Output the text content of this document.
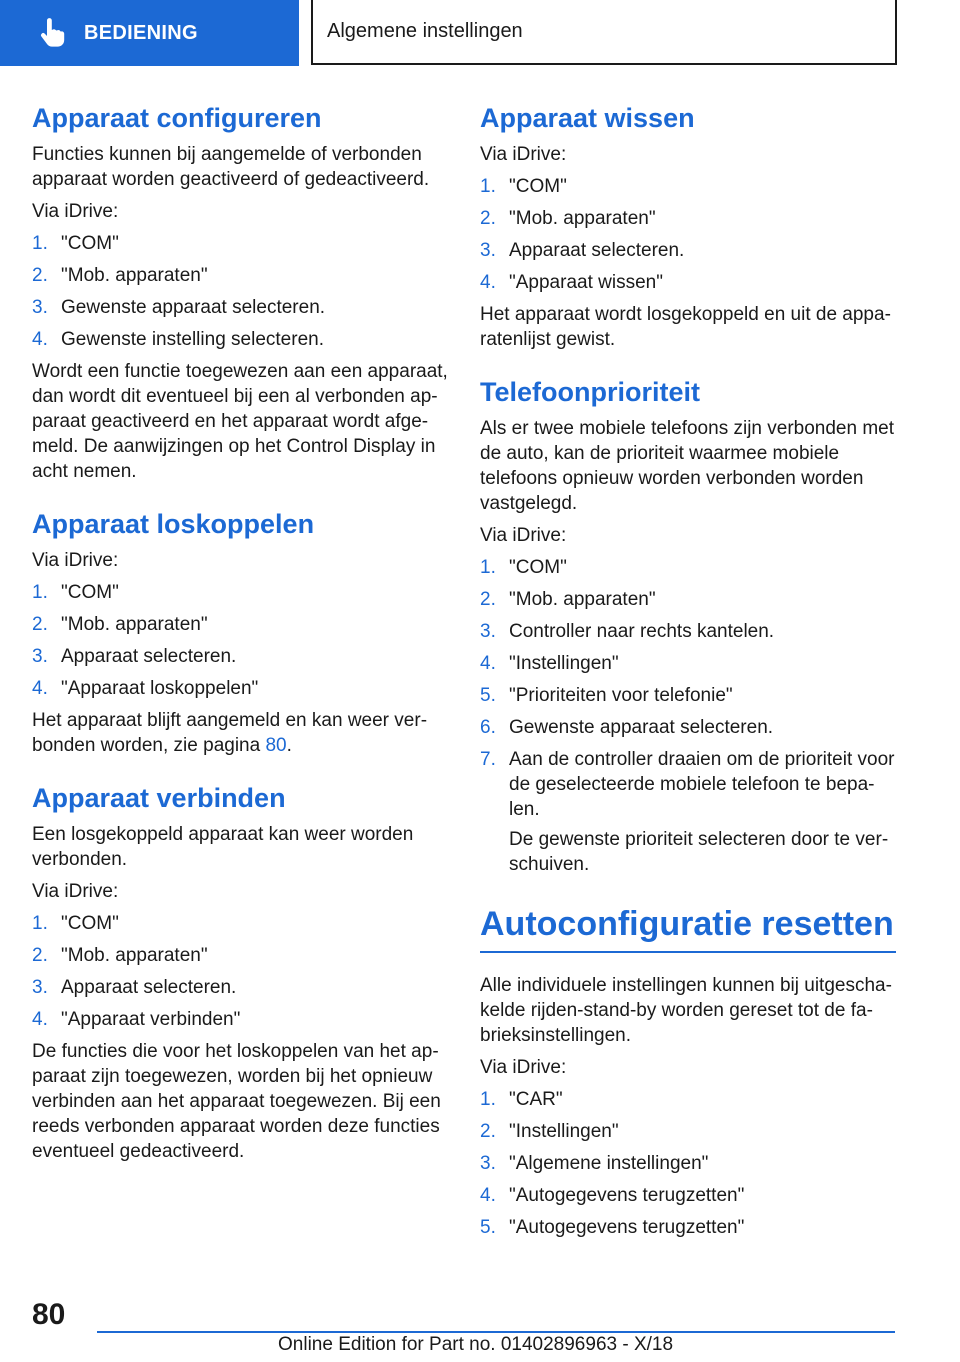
BEDIENING	Algemene instellingen
Apparaat configureren

Functies kunnen bij aangemelde of verbonden apparaat worden geactiveerd of gedeactiveerd.

Via iDrive:

1. "COM"
2. "Mob. apparaten"
3. Gewenste apparaat selecteren.
4. Gewenste instelling selecteren.

Wordt een functie toegewezen aan een apparaat, dan wordt dit eventueel bij een al verbonden apparaat geactiveerd en het apparaat wordt afgemeld. De aanwijzingen op het Control Display in acht nemen.

Apparaat loskoppelen

Via iDrive:

1. "COM"
2. "Mob. apparaten"
3. Apparaat selecteren.
4. "Apparaat loskoppelen"

Het apparaat blijft aangemeld en kan weer verbonden worden, zie pagina 80.

Apparaat verbinden

Een losgekoppeld apparaat kan weer worden verbonden.

Via iDrive:

1. "COM"
2. "Mob. apparaten"
3. Apparaat selecteren.
4. "Apparaat verbinden"

De functies die voor het loskoppelen van het apparaat zijn toegewezen, worden bij het opnieuw verbinden aan het apparaat toegewezen. Bij een reeds verbonden apparaat worden deze functies eventueel gedeactiveerd.

Apparaat wissen

Via iDrive:

1. "COM"
2. "Mob. apparaten"
3. Apparaat selecteren.
4. "Apparaat wissen"

Het apparaat wordt losgekoppeld en uit de apparatenlijst gewist.

Telefoonprioriteit

Als er twee mobiele telefoons zijn verbonden met de auto, kan de prioriteit waarmee mobiele telefoons opnieuw worden verbonden worden vastgelegd.

Via iDrive:

1. "COM"
2. "Mob. apparaten"
3. Controller naar rechts kantelen.
4. "Instellingen"
5. "Prioriteiten voor telefonie"
6. Gewenste apparaat selecteren.
7. Aan de controller draaien om de prioriteit voor de geselecteerde mobiele telefoon te bepalen.

De gewenste prioriteit selecteren door te verschuiven.

Autoconfiguratie resetten

Alle individuele instellingen kunnen bij uitgeschakelde rijden-stand-by worden gereset tot de fabrieksinstellingen.

Via iDrive:

1. "CAR"
2. "Instellingen"
3. "Algemene instellingen"
4. "Autogegevens terugzetten"
5. "Autogegevens terugzetten"
80
Online Edition for Part no. 01402896963 - X/18
